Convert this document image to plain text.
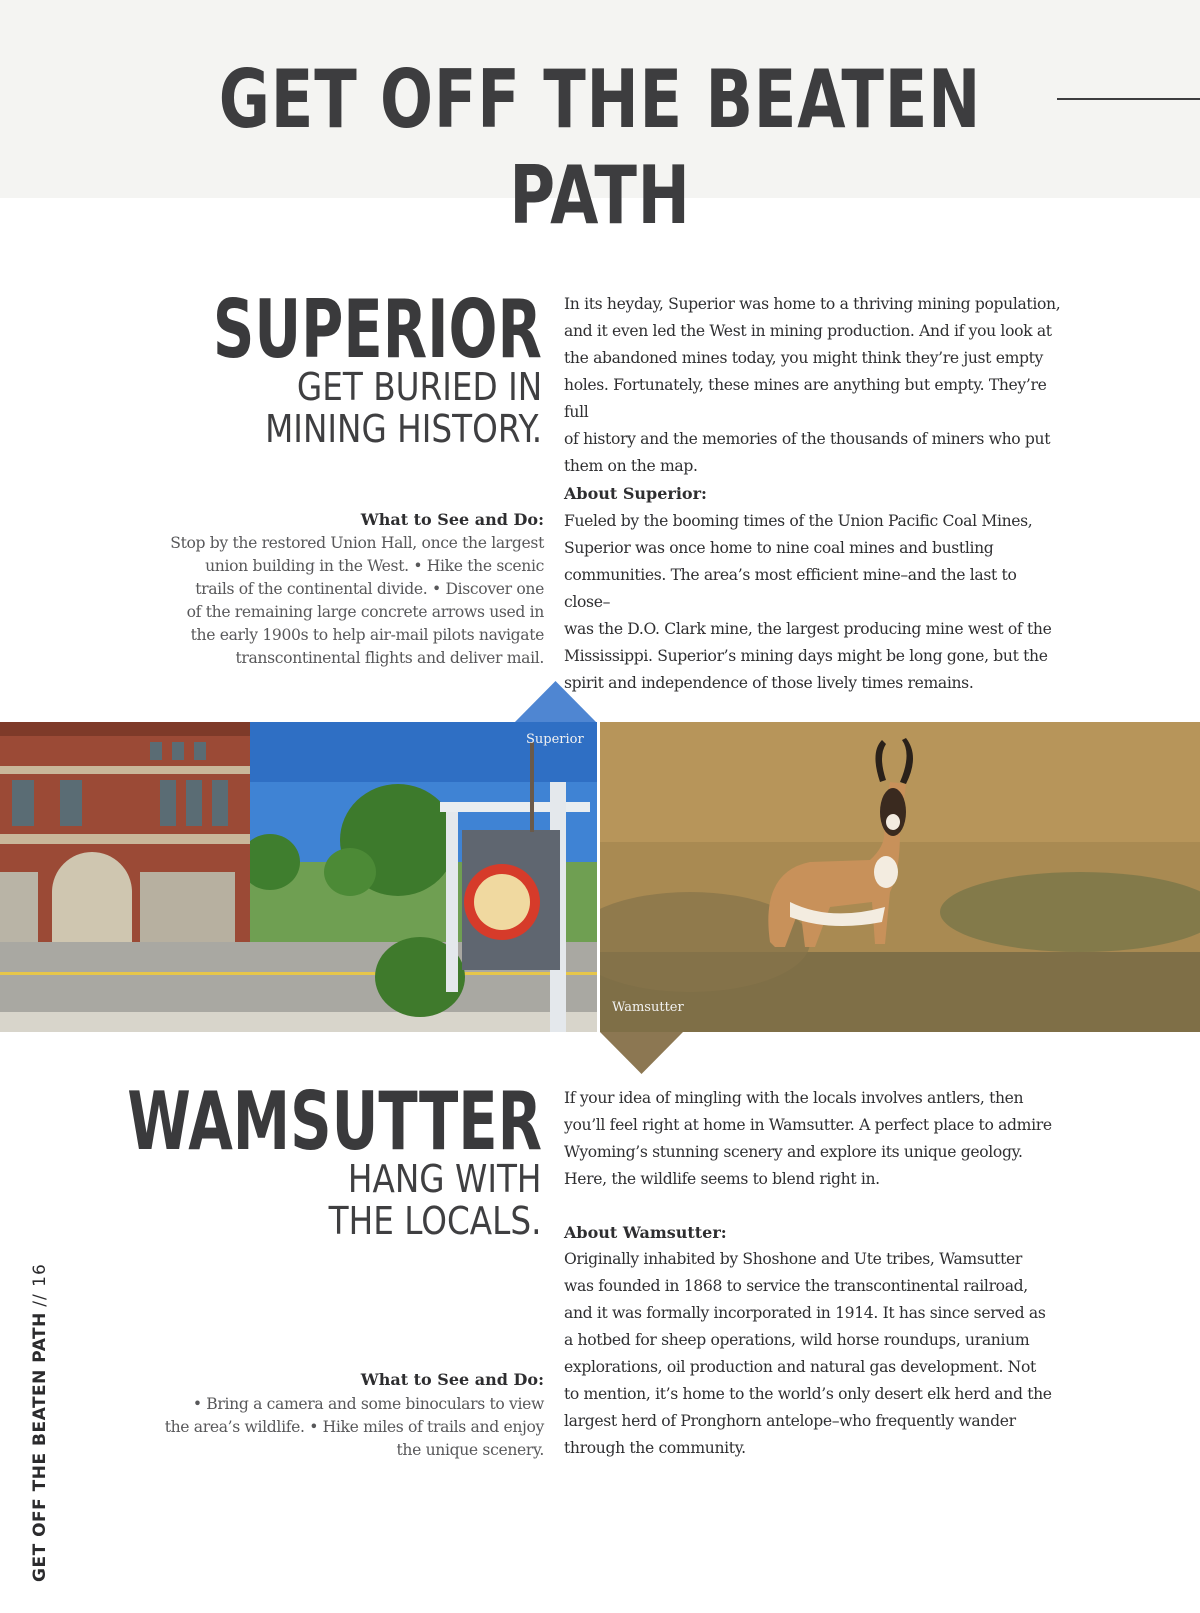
GET OFF THE BEATEN PATH
SUPERIOR
GET BURIED IN
MINING HISTORY.
In its heyday, Superior was home to a thriving mining population,
and it even led the West in mining production. And if you look at
the abandoned mines today, you might think they’re just empty
holes. Fortunately, these mines are anything but empty. They’re full
of history and the memories of the thousands of miners who put
them on the map.
About Superior:
Fueled by the booming times of the Union Pacific Coal Mines,
Superior was once home to nine coal mines and bustling
communities. The area’s most efficient mine–and the last to close–
was the D.O. Clark mine, the largest producing mine west of the
Mississippi. Superior’s mining days might be long gone, but the
spirit and independence of those lively times remains.
What to See and Do:
Stop by the restored Union Hall, once the largest
union building in the West. • Hike the scenic
trails of the continental divide. • Discover one
of the remaining large concrete arrows used in
the early 1900s to help air-mail pilots navigate
transcontinental flights and deliver mail.
Superior
Wamsutter
WAMSUTTER
HANG WITH
THE LOCALS.
If your idea of mingling with the locals involves antlers, then
you’ll feel right at home in Wamsutter. A perfect place to admire
Wyoming’s stunning scenery and explore its unique geology.
Here, the wildlife seems to blend right in.
About Wamsutter:
Originally inhabited by Shoshone and Ute tribes, Wamsutter
was founded in 1868 to service the transcontinental railroad,
and it was formally incorporated in 1914. It has since served as
a hotbed for sheep operations, wild horse roundups, uranium
explorations, oil production and natural gas development. Not
to mention, it’s home to the world’s only desert elk herd and the
largest herd of Pronghorn antelope–who frequently wander
through the community.
What to See and Do:
• Bring a camera and some binoculars to view
the area’s wildlife. • Hike miles of trails and enjoy
the unique scenery.
GET OFF THE BEATEN PATH // 16
